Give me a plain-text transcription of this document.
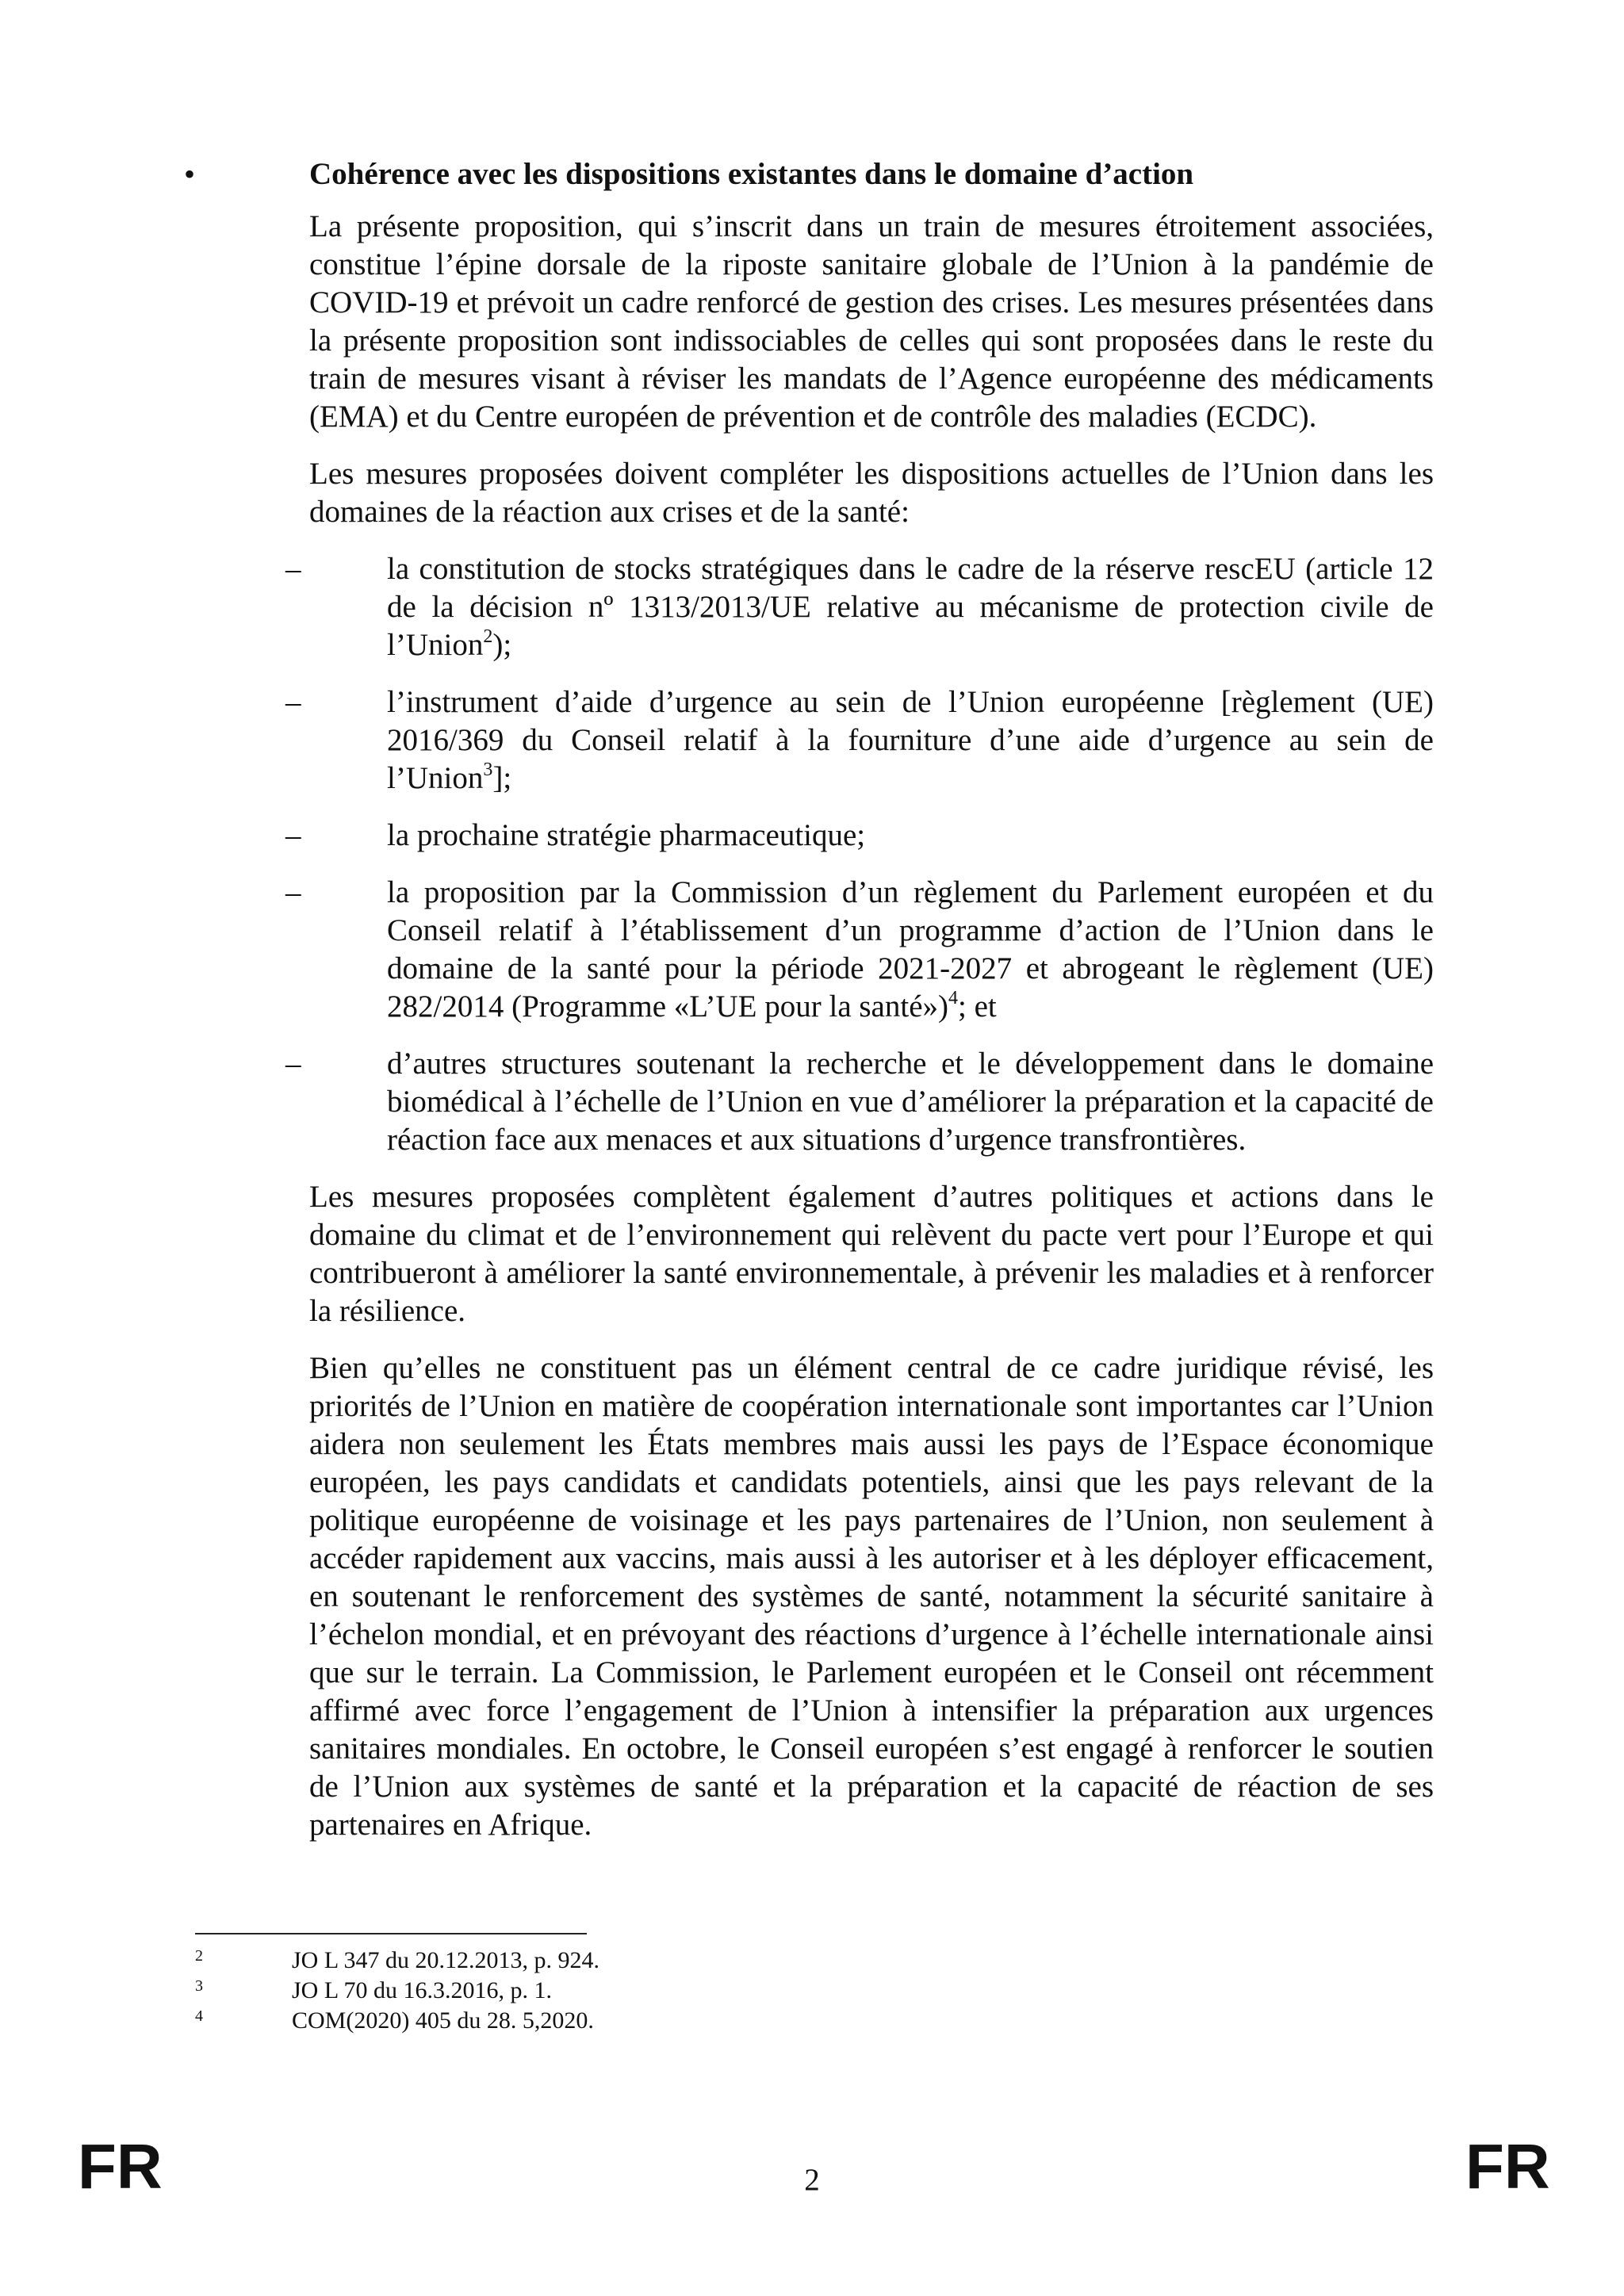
•	Cohérence avec les dispositions existantes dans le domaine d’action

La présente proposition, qui s’inscrit dans un train de mesures étroitement associées, constitue l’épine dorsale de la riposte sanitaire globale de l’Union à la pandémie de COVID-19 et prévoit un cadre renforcé de gestion des crises. Les mesures présentées dans la présente proposition sont indissociables de celles qui sont proposées dans le reste du train de mesures visant à réviser les mandats de l’Agence européenne des médicaments (EMA) et du Centre européen de prévention et de contrôle des maladies (ECDC).

Les mesures proposées doivent compléter les dispositions actuelles de l’Union dans les domaines de la réaction aux crises et de la santé:

–	la constitution de stocks stratégiques dans le cadre de la réserve rescEU (article 12 de la décision nº 1313/2013/UE relative au mécanisme de protection civile de l’Union$^2$);
–	l’instrument d’aide d’urgence au sein de l’Union européenne [règlement (UE) 2016/369 du Conseil relatif à la fourniture d’une aide d’urgence au sein de l’Union$^3$];
–	la prochaine stratégie pharmaceutique;
–	la proposition par la Commission d’un règlement du Parlement européen et du Conseil relatif à l’établissement d’un programme d’action de l’Union dans le domaine de la santé pour la période 2021-2027 et abrogeant le règlement (UE) 282/2014 (Programme «L’UE pour la santé»)$^4$; et
–	d’autres structures soutenant la recherche et le développement dans le domaine biomédical à l’échelle de l’Union en vue d’améliorer la préparation et la capacité de réaction face aux menaces et aux situations d’urgence transfrontières.

Les mesures proposées complètent également d’autres politiques et actions dans le domaine du climat et de l’environnement qui relèvent du pacte vert pour l’Europe et qui contribueront à améliorer la santé environnementale, à prévenir les maladies et à renforcer la résilience.

Bien qu’elles ne constituent pas un élément central de ce cadre juridique révisé, les priorités de l’Union en matière de coopération internationale sont importantes car l’Union aidera non seulement les États membres mais aussi les pays de l’Espace économique européen, les pays candidats et candidats potentiels, ainsi que les pays relevant de la politique européenne de voisinage et les pays partenaires de l’Union, non seulement à accéder rapidement aux vaccins, mais aussi à les autoriser et à les déployer efficacement, en soutenant le renforcement des systèmes de santé, notamment la sécurité sanitaire à l’échelon mondial, et en prévoyant des réactions d’urgence à l’échelle internationale ainsi que sur le terrain. La Commission, le Parlement européen et le Conseil ont récemment affirmé avec force l’engagement de l’Union à intensifier la préparation aux urgences sanitaires mondiales. En octobre, le Conseil européen s’est engagé à renforcer le soutien de l’Union aux systèmes de santé et la préparation et la capacité de réaction de ses partenaires en Afrique.

2	JO L 347 du 20.12.2013, p. 924.
3	JO L 70 du 16.3.2016, p. 1.
4	COM(2020) 405 du 28. 5,2020.
FR	2	FR
